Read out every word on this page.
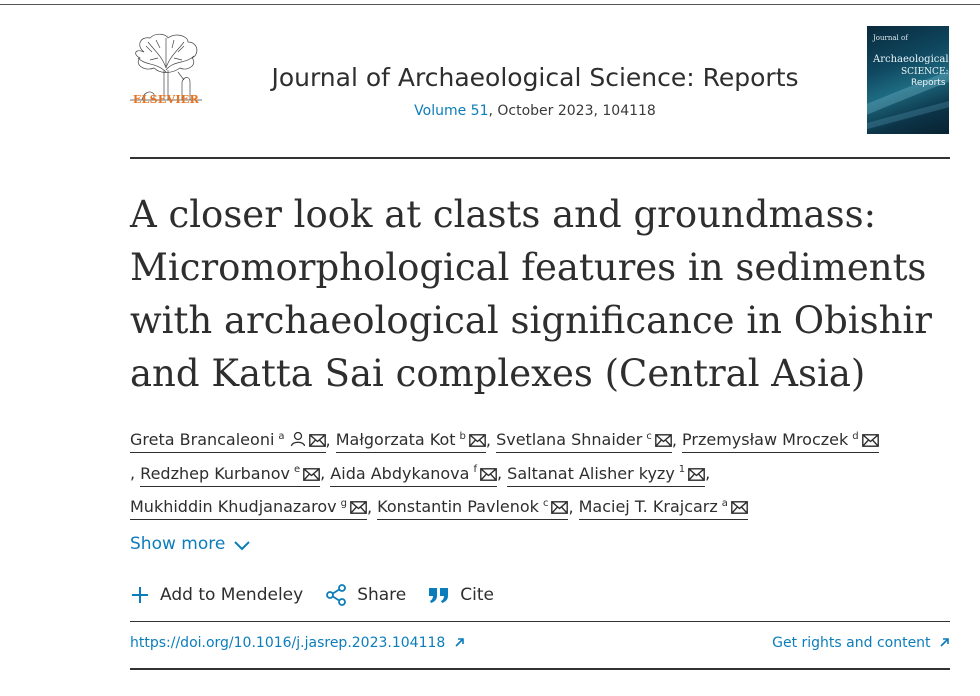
ELSEVIER
Journal of Archaeological Science: Reports
Volume 51, October 2023, 104118
Journal of
Archaeological
SCIENCE:
Reports
A closer look at clasts and groundmass: Micromorphological features in sediments with archaeological significance in Obishir and Katta Sai complexes (Central Asia)
Greta Brancaleoni $^a$	, Małgorzata Kot $^b$ , Svetlana Shnaider $^c$ , Przemysław Mroczek $^d$
, Redzhep Kurbanov $^e$ , Aida Abdykanova $^f$ , Saltanat Alisher kyzy $^1$ ,
Mukhiddin Khudjanazarov $^g$ , Konstantin Pavlenok $^c$ , Maciej T. Krajcarz $^a$
Show more
Add to Mendeley	Share	Cite
https://doi.org/10.1016/j.jasrep.2023.104118	Get rights and content
